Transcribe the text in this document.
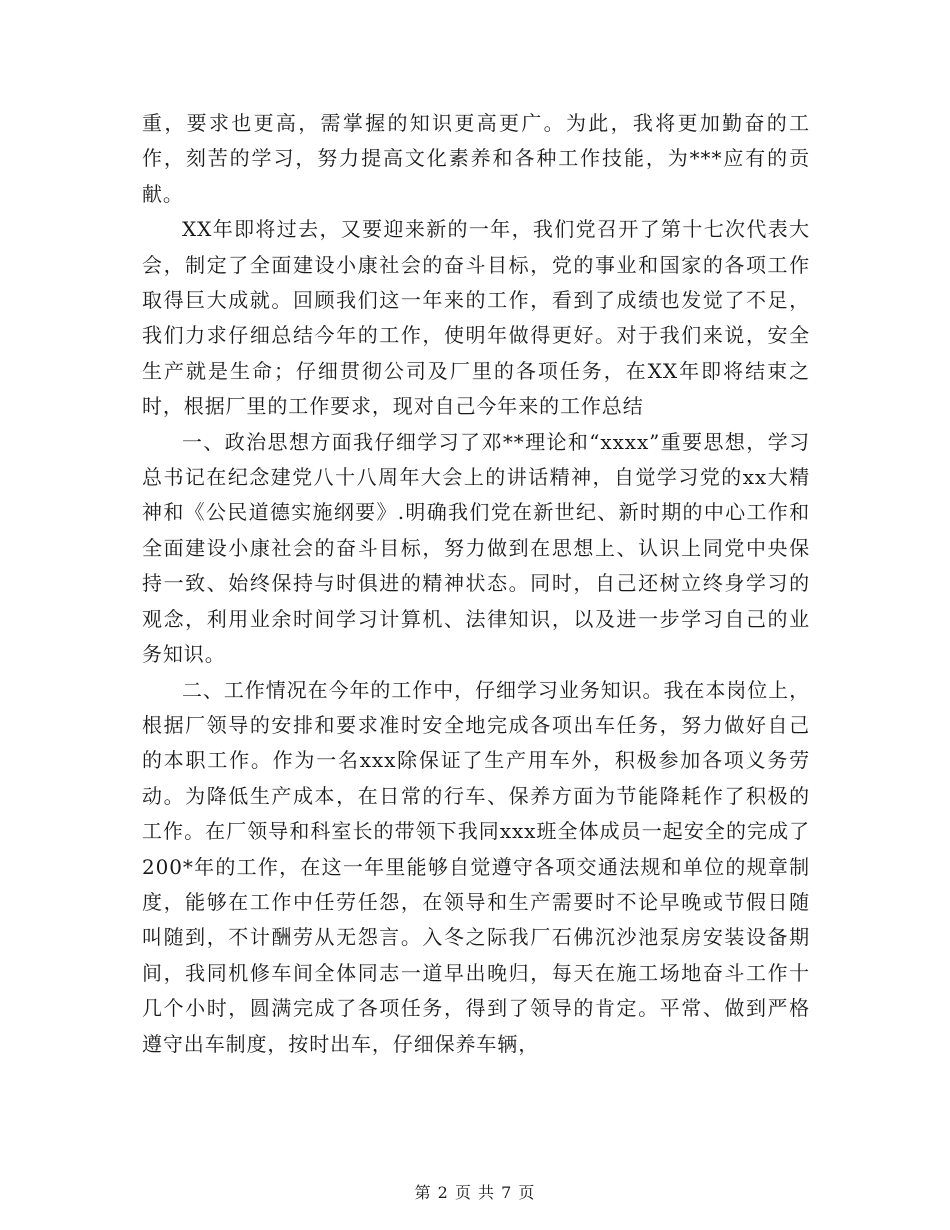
重，要求也更高，需掌握的知识更高更广。为此，我将更加勤奋的工作，刻苦的学习，努力提高文化素养和各种工作技能，为***应有的贡献。

XX年即将过去，又要迎来新的一年，我们党召开了第十七次代表大会，制定了全面建设小康社会的奋斗目标，党的事业和国家的各项工作取得巨大成就。回顾我们这一年来的工作，看到了成绩也发觉了不足，我们力求仔细总结今年的工作，使明年做得更好。对于我们来说，安全生产就是生命；仔细贯彻公司及厂里的各项任务，在XX年即将结束之时，根据厂里的工作要求，现对自己今年来的工作总结

一、政治思想方面我仔细学习了邓**理论和“xxxx”重要思想，学习总书记在纪念建党八十八周年大会上的讲话精神，自觉学习党的xx大精神和《公民道德实施纲要》.明确我们党在新世纪、新时期的中心工作和全面建设小康社会的奋斗目标，努力做到在思想上、认识上同党中央保持一致、始终保持与时俱进的精神状态。同时，自己还树立终身学习的观念，利用业余时间学习计算机、法律知识，以及进一步学习自己的业务知识。

二、工作情况在今年的工作中，仔细学习业务知识。我在本岗位上，根据厂领导的安排和要求准时安全地完成各项出车任务，努力做好自己的本职工作。作为一名xxx除保证了生产用车外，积极参加各项义务劳动。为降低生产成本，在日常的行车、保养方面为节能降耗作了积极的工作。在厂领导和科室长的带领下我同xxx班全体成员一起安全的完成了200*年的工作，在这一年里能够自觉遵守各项交通法规和单位的规章制度，能够在工作中任劳任怨，在领导和生产需要时不论早晚或节假日随叫随到，不计酬劳从无怨言。入冬之际我厂石佛沉沙池泵房安装设备期间，我同机修车间全体同志一道早出晚归，每天在施工场地奋斗工作十几个小时，圆满完成了各项任务，得到了领导的肯定。平常、做到严格遵守出车制度，按时出车，仔细保养车辆，

第 2 页 共 7 页
